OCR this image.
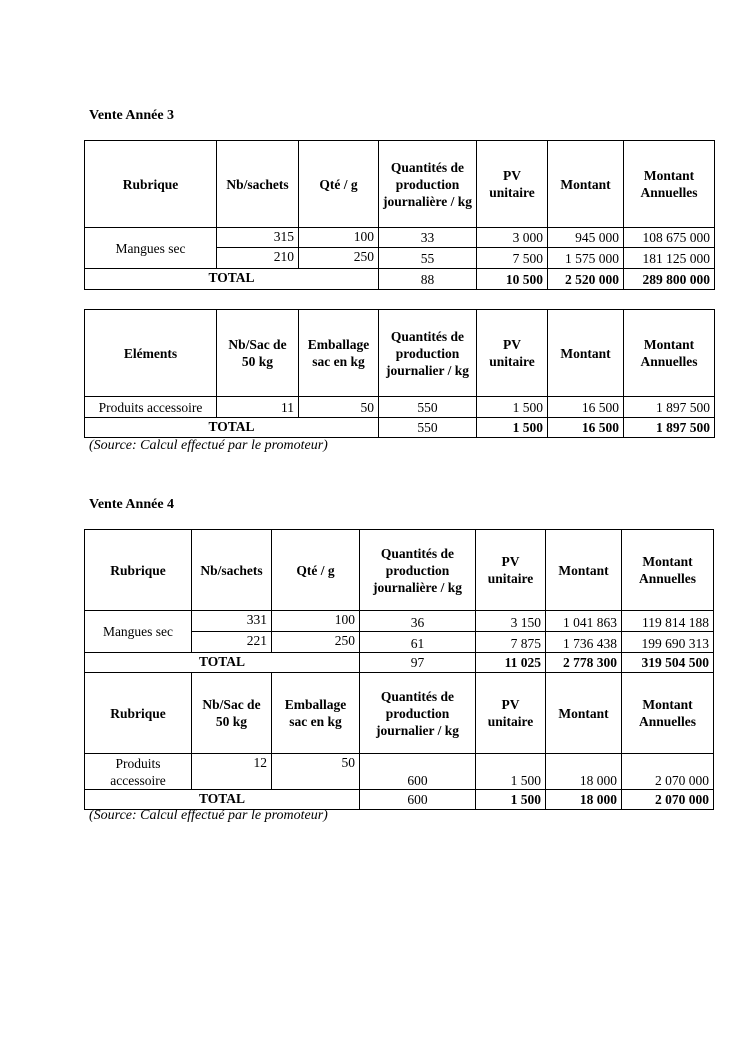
Vente Année 3
Rubrique	Nb/sachets	Qté / g	Quantités de production journalière / kg	PV unitaire	Montant	Montant Annuelles
Mangues sec	315	100	33	3 000	945 000	108 675 000
	210	250	55	7 500	1 575 000	181 125 000
TOTAL			88	10 500	2 520 000	289 800 000
Eléments	Nb/Sac de 50 kg	Emballage sac en kg	Quantités de production journalier / kg	PV unitaire	Montant	Montant Annuelles
Produits accessoire	11	50	550	1 500	16 500	1 897 500
TOTAL			550	1 500	16 500	1 897 500
(Source: Calcul effectué par le promoteur)
Vente Année 4
Rubrique	Nb/sachets	Qté / g	Quantités de production journalière / kg	PV unitaire	Montant	Montant Annuelles
Mangues sec	331	100	36	3 150	1 041 863	119 814 188
	221	250	61	7 875	1 736 438	199 690 313
TOTAL			97	11 025	2 778 300	319 504 500
Rubrique	Nb/Sac de 50 kg	Emballage sac en kg	Quantités de production journalier / kg	PV unitaire	Montant	Montant Annuelles
Produits accessoire	12	50	600	1 500	18 000	2 070 000
TOTAL			600	1 500	18 000	2 070 000
(Source: Calcul effectué par le promoteur)
